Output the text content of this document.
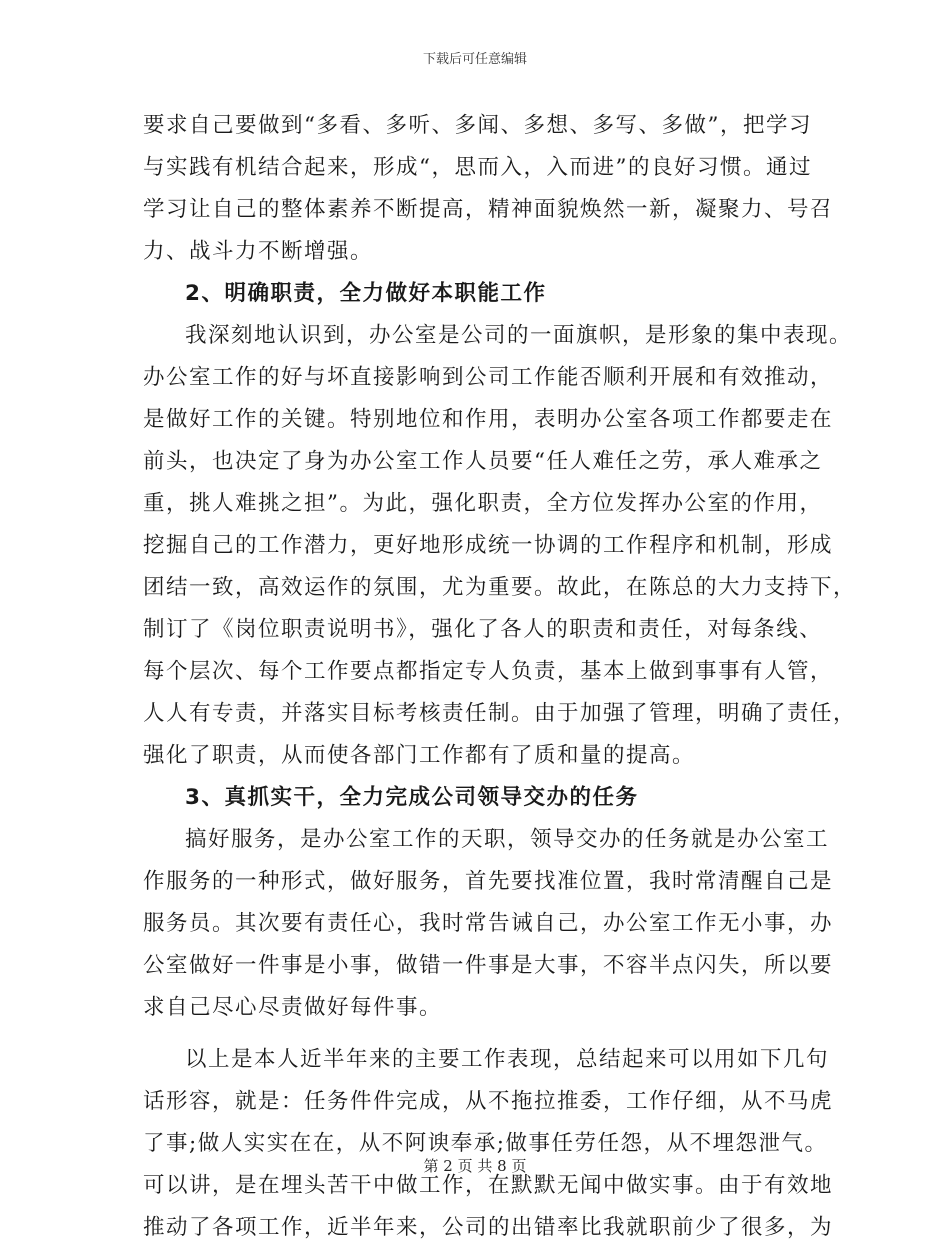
下载后可任意编辑
要求自己要做到“多看、多听、多闻、多想、多写、多做”，把学习
与实践有机结合起来，形成“，思而入，入而进”的良好习惯。通过
学习让自己的整体素养不断提高，精神面貌焕然一新，凝聚力、号召
力、战斗力不断增强。
2、明确职责，全力做好本职能工作
我深刻地认识到，办公室是公司的一面旗帜，是形象的集中表现。
办公室工作的好与坏直接影响到公司工作能否顺利开展和有效推动，
是做好工作的关键。特别地位和作用，表明办公室各项工作都要走在
前头，也决定了身为办公室工作人员要“任人难任之劳，承人难承之
重，挑人难挑之担”。为此，强化职责，全方位发挥办公室的作用，
挖掘自己的工作潜力，更好地形成统一协调的工作程序和机制，形成
团结一致，高效运作的氛围，尤为重要。故此，在陈总的大力支持下，
制订了《岗位职责说明书》，强化了各人的职责和责任，对每条线、
每个层次、每个工作要点都指定专人负责，基本上做到事事有人管，
人人有专责，并落实目标考核责任制。由于加强了管理，明确了责任，
强化了职责，从而使各部门工作都有了质和量的提高。
3、真抓实干，全力完成公司领导交办的任务
搞好服务，是办公室工作的天职，领导交办的任务就是办公室工
作服务的一种形式，做好服务，首先要找准位置，我时常清醒自己是
服务员。其次要有责任心，我时常告诫自己，办公室工作无小事，办
公室做好一件事是小事，做错一件事是大事，不容半点闪失，所以要
求自己尽心尽责做好每件事。
以上是本人近半年来的主要工作表现，总结起来可以用如下几句
话形容，就是：任务件件完成，从不拖拉推委，工作仔细，从不马虎
了事;做人实实在在，从不阿谀奉承;做事任劳任怨，从不埋怨泄气。
可以讲，是在埋头苦干中做工作，在默默无闻中做实事。由于有效地
推动了各项工作，近半年来，公司的出错率比我就职前少了很多，为
第 2 页 共 8 页
